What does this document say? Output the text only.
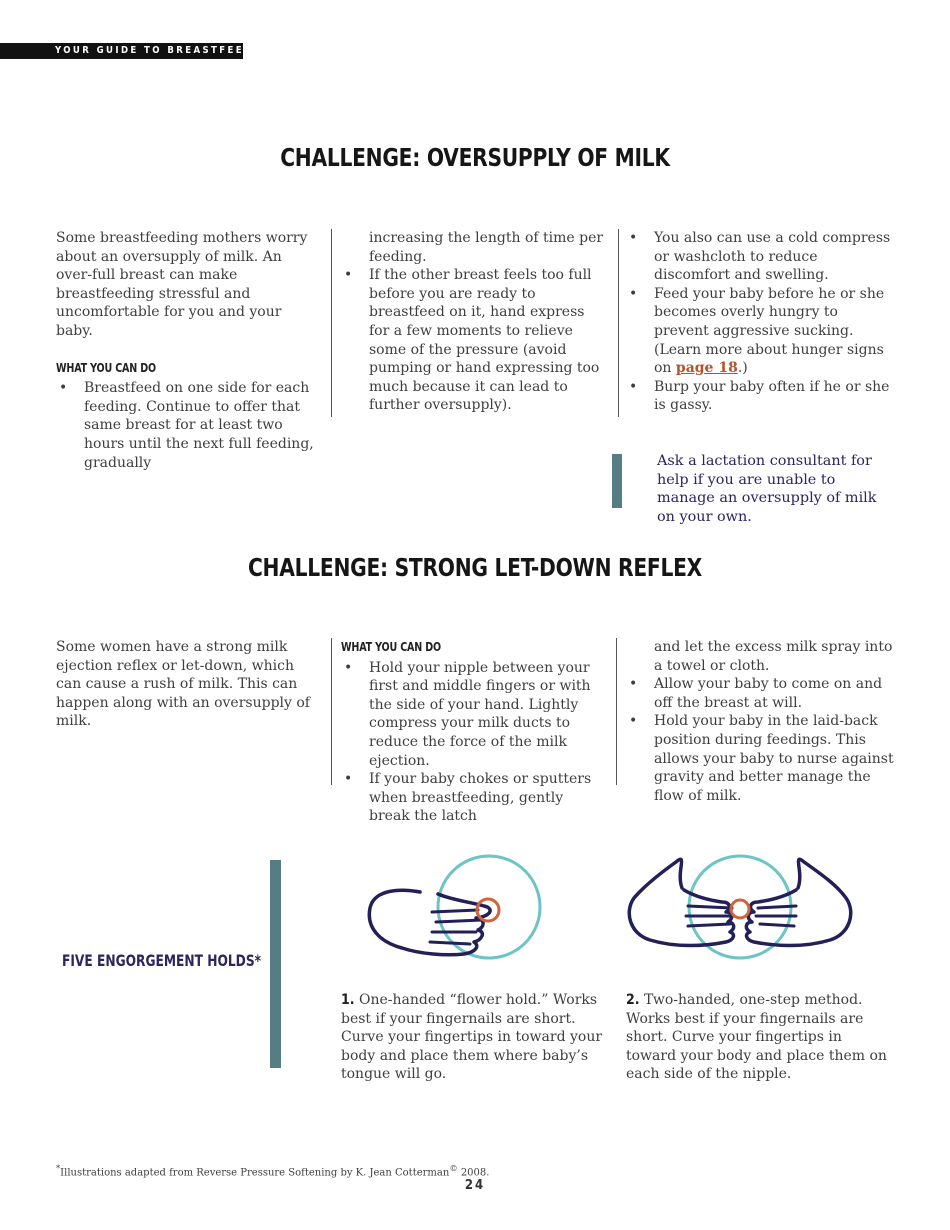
YOUR GUIDE TO BREASTFEEDING
CHALLENGE: OVERSUPPLY OF MILK

Some breastfeeding mothers worry about an oversupply of milk. An over-full breast can make breastfeeding stressful and uncomfortable for you and your baby.

WHAT YOU CAN DO

• Breastfeed on one side for each feeding. Continue to offer that same breast for at least two hours until the next full feeding, gradually
increasing the length of time per feeding.
• If the other breast feels too full before you are ready to breastfeed on it, hand express for a few moments to relieve some of the pressure (avoid pumping or hand expressing too much because it can lead to further oversupply).
• You also can use a cold compress or washcloth to reduce discomfort and swelling.
• Feed your baby before he or she becomes overly hungry to prevent aggressive sucking. (Learn more about hunger signs on page 18.)
• Burp your baby often if he or she is gassy.
Ask a lactation consultant for help if you are unable to manage an oversupply of milk on your own.
CHALLENGE: STRONG LET-DOWN REFLEX

Some women have a strong milk ejection reflex or let-down, which can cause a rush of milk. This can happen along with an oversupply of milk.

WHAT YOU CAN DO

• Hold your nipple between your first and middle fingers or with the side of your hand. Lightly compress your milk ducts to reduce the force of the milk ejection.
• If your baby chokes or sputters when breastfeeding, gently break the latch
and let the excess milk spray into a towel or cloth.
• Allow your baby to come on and off the breast at will.
• Hold your baby in the laid-back position during feedings. This allows your baby to nurse against gravity and better manage the flow of milk.
FIVE ENGORGEMENT HOLDS*
1. One-handed “flower hold.” Works best if your fingernails are short. Curve your fingertips in toward your body and place them where baby’s tongue will go.
2. Two-handed, one-step method. Works best if your fingernails are short. Curve your fingertips in toward your body and place them on each side of the nipple.
*Illustrations adapted from Reverse Pressure Softening by K. Jean Cotterman© 2008.
24
